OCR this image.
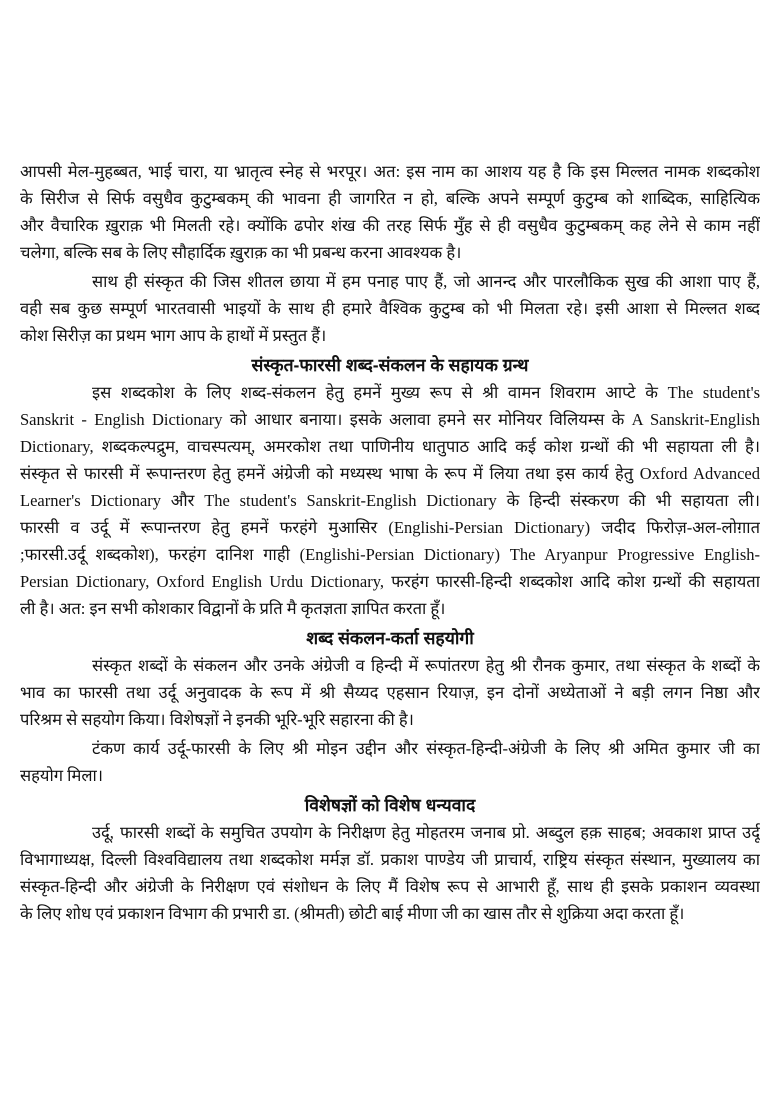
आपसी मेल-मुहब्बत, भाई चारा, या भ्रातृत्व स्नेह से भरपूर। अत: इस नाम का आशय यह है कि इस मिल्लत नामक शब्दकोश
के सिरीज से सिर्फ वसुधैव कुटुम्बकम् की भावना ही जागरित न हो, बल्कि अपने सम्पूर्ण कुटुम्ब को शाब्दिक, साहित्यिक
और वैचारिक ख़ुराक़ भी मिलती रहे। क्योंकि ढपोर शंख की तरह सिर्फ मुँह से ही वसुधैव कुटुम्बकम् कह लेने से काम नहीं
चलेगा, बल्कि सब के लिए सौहार्दिक ख़ुराक़ का भी प्रबन्ध करना आवश्यक है।
साथ ही संस्कृत की जिस शीतल छाया में हम पनाह पाए हैं, जो आनन्द और पारलौकिक सुख की आशा पाए हैं,
वही सब कुछ सम्पूर्ण भारतवासी भाइयों के साथ ही हमारे वैश्विक कुटुम्ब को भी मिलता रहे। इसी आशा से मिल्लत शब्द
कोश सिरीज़ का प्रथम भाग आप के हाथों में प्रस्तुत हैं।
संस्कृत-फारसी शब्द-संकलन के सहायक ग्रन्थ
इस शब्दकोश के लिए शब्द-संकलन हेतु हमनें मुख्य रूप से श्री वामन शिवराम आप्टे के The student's
Sanskrit - English Dictionary को आधार बनाया। इसके अलावा हमने सर मोनियर विलियम्स के A Sanskrit-English
Dictionary, शब्दकल्पद्रुम, वाचस्पत्यम्, अमरकोश तथा पाणिनीय धातुपाठ आदि कई कोश ग्रन्थों की भी सहायता ली है।
संस्कृत से फारसी में रूपान्तरण हेतु हमनें अंग्रेजी को मध्यस्थ भाषा के रूप में लिया तथा इस कार्य हेतु Oxford Advanced
Learner's Dictionary और The student's Sanskrit-English Dictionary के हिन्दी संस्करण की भी सहायता ली।
फारसी व उर्दू में रूपान्तरण हेतु हमनें फरहंगे मुआसिर (Englishi-Persian Dictionary) जदीद फिरोज़-अल-लोग़ात
;फारसी.उर्दू शब्दकोश), फरहंग दानिश गाही (Englishi-Persian Dictionary) The Aryanpur Progressive English-
Persian Dictionary, Oxford English Urdu Dictionary, फरहंग फारसी-हिन्दी शब्दकोश आदि कोश ग्रन्थों की सहायता
ली है। अत: इन सभी कोशकार विद्वानों के प्रति मै कृतज्ञता ज्ञापित करता हूँ।
शब्द संकलन-कर्ता सहयोगी
संस्कृत शब्दों के संकलन और उनके अंग्रेजी व हिन्दी में रूपांतरण हेतु श्री रौनक कुमार, तथा संस्कृत के शब्दों के
भाव का फारसी तथा उर्दू अनुवादक के रूप में श्री सैय्यद एहसान रियाज़, इन दोनों अध्येताओं ने बड़ी लगन निष्ठा और
परिश्रम से सहयोग किया। विशेषज्ञों ने इनकी भूरि-भूरि सहारना की है।
टंकण कार्य उर्दू-फारसी के लिए श्री मोइन उद्दीन और संस्कृत-हिन्दी-अंग्रेजी के लिए श्री अमित कुमार जी का
सहयोग मिला।
विशेषज्ञों को विशेष धन्यवाद
उर्दू, फारसी शब्दों के समुचित उपयोग के निरीक्षण हेतु मोहतरम जनाब प्रो. अब्दुल हक़ साहब; अवकाश प्राप्त उर्दू
विभागाध्यक्ष, दिल्ली विश्वविद्यालय तथा शब्दकोश मर्मज्ञ डॉ. प्रकाश पाण्डेय जी प्राचार्य, राष्ट्रिय संस्कृत संस्थान, मुख्यालय का
संस्कृत-हिन्दी और अंग्रेजी के निरीक्षण एवं संशोधन के लिए मैं विशेष रूप से आभारी हूँ, साथ ही इसके प्रकाशन व्यवस्था
के लिए शोध एवं प्रकाशन विभाग की प्रभारी डा. (श्रीमती) छोटी बाई मीणा जी का खास तौर से शुक्रिया अदा करता हूँ।
